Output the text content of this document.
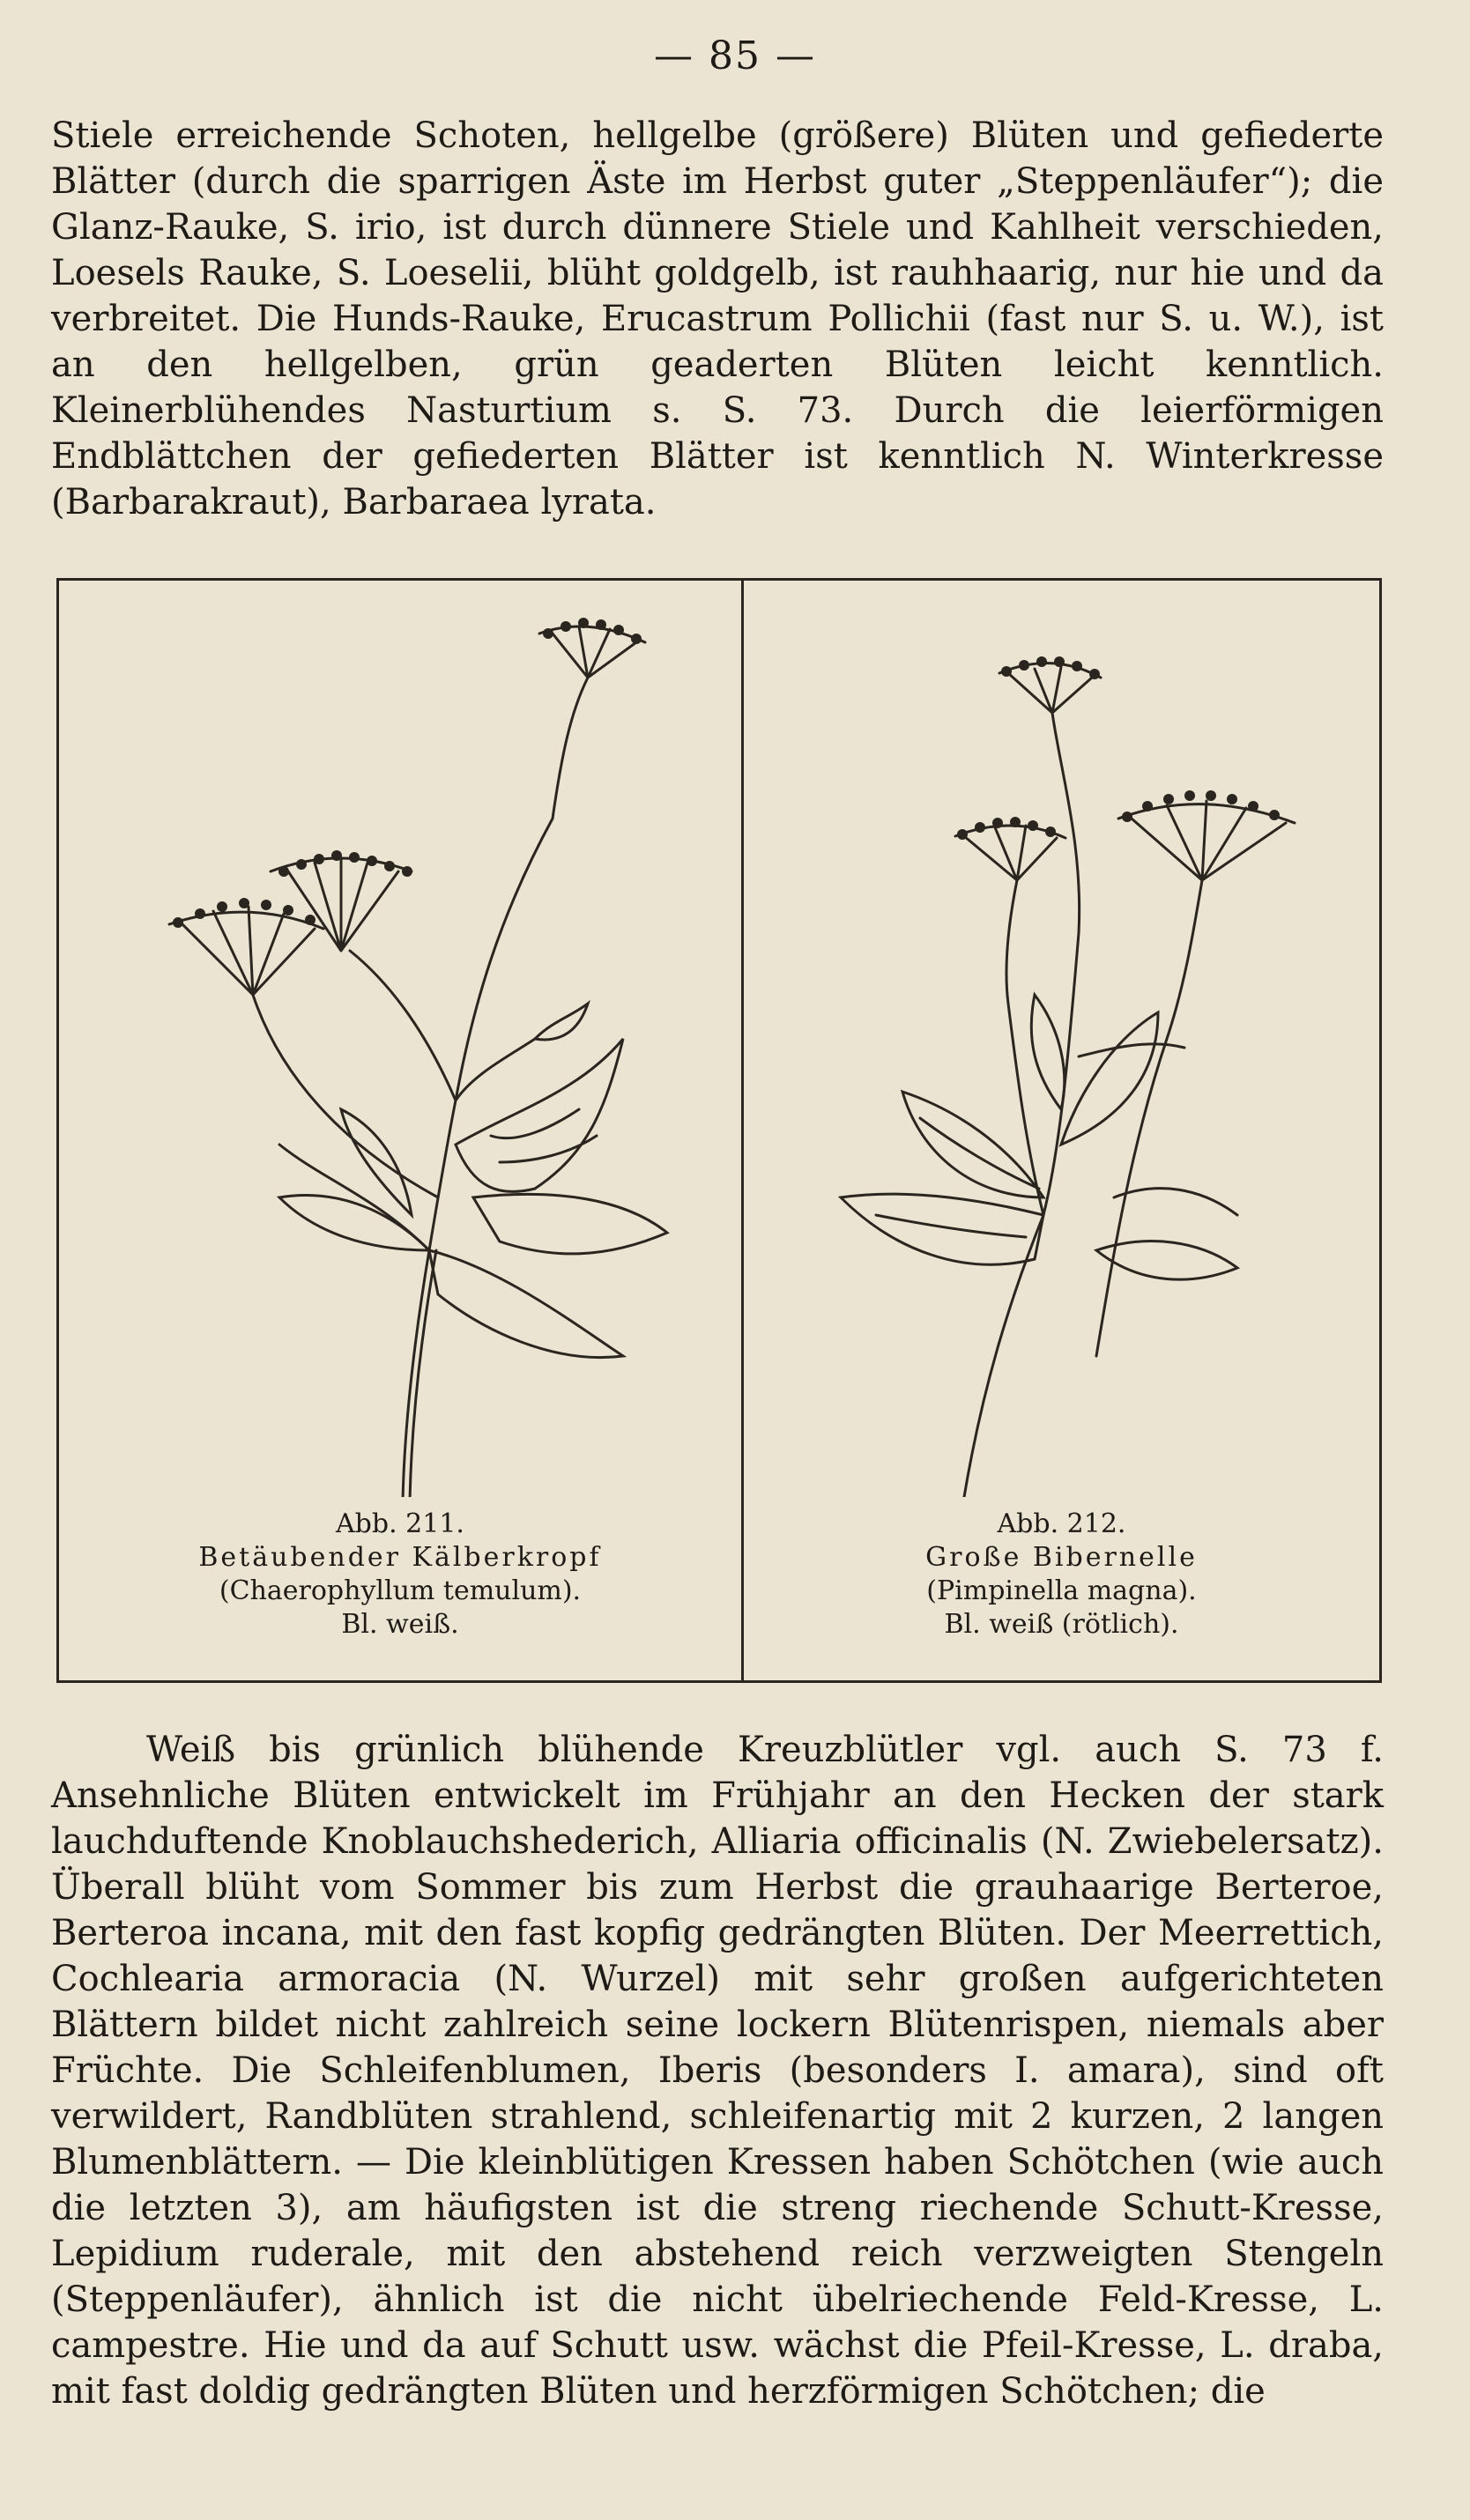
— 85 —

Stiele erreichende Schoten, hellgelbe (größere) Blüten und gefiederte Blätter (durch die sparrigen Äste im Herbst guter „Steppenläufer“); die Glanz-Rauke, S. irio, ist durch dünnere Stiele und Kahlheit verschieden, Loesels Rauke, S. Loeselii, blüht goldgelb, ist rauhhaarig, nur hie und da verbreitet. Die Hunds-Rauke, Erucastrum Pollichii (fast nur S. u. W.), ist an den hellgelben, grün geaderten Blüten leicht kenntlich. Kleinerblühendes Nasturtium s. S. 73. Durch die leierförmigen Endblättchen der gefiederten Blätter ist kenntlich N. Winterkresse (Barbarakraut), Barbaraea lyrata.

Abb. 211.
Betäubender Kälberkropf
(Chaerophyllum temulum).
Bl. weiß.
Abb. 212.
Große Bibernelle
(Pimpinella magna).
Bl. weiß (rötlich).

Weiß bis grünlich blühende Kreuzblütler vgl. auch S. 73 f. Ansehnliche Blüten entwickelt im Frühjahr an den Hecken der stark lauchduftende Knoblauchshederich, Alliaria officinalis (N. Zwiebelersatz). Überall blüht vom Sommer bis zum Herbst die grauhaarige Berteroe, Berteroa incana, mit den fast kopfig gedrängten Blüten. Der Meerrettich, Cochlearia armoracia (N. Wurzel) mit sehr großen aufgerichteten Blättern bildet nicht zahlreich seine lockern Blütenrispen, niemals aber Früchte. Die Schleifenblumen, Iberis (besonders I. amara), sind oft verwildert, Randblüten strahlend, schleifenartig mit 2 kurzen, 2 langen Blumenblättern. — Die kleinblütigen Kressen haben Schötchen (wie auch die letzten 3), am häufigsten ist die streng riechende Schutt-Kresse, Lepidium ruderale, mit den abstehend reich verzweigten Stengeln (Steppenläufer), ähnlich ist die nicht übelriechende Feld-Kresse, L. campestre. Hie und da auf Schutt usw. wächst die Pfeil-Kresse, L. draba, mit fast doldig gedrängten Blüten und herzförmigen Schötchen; die
